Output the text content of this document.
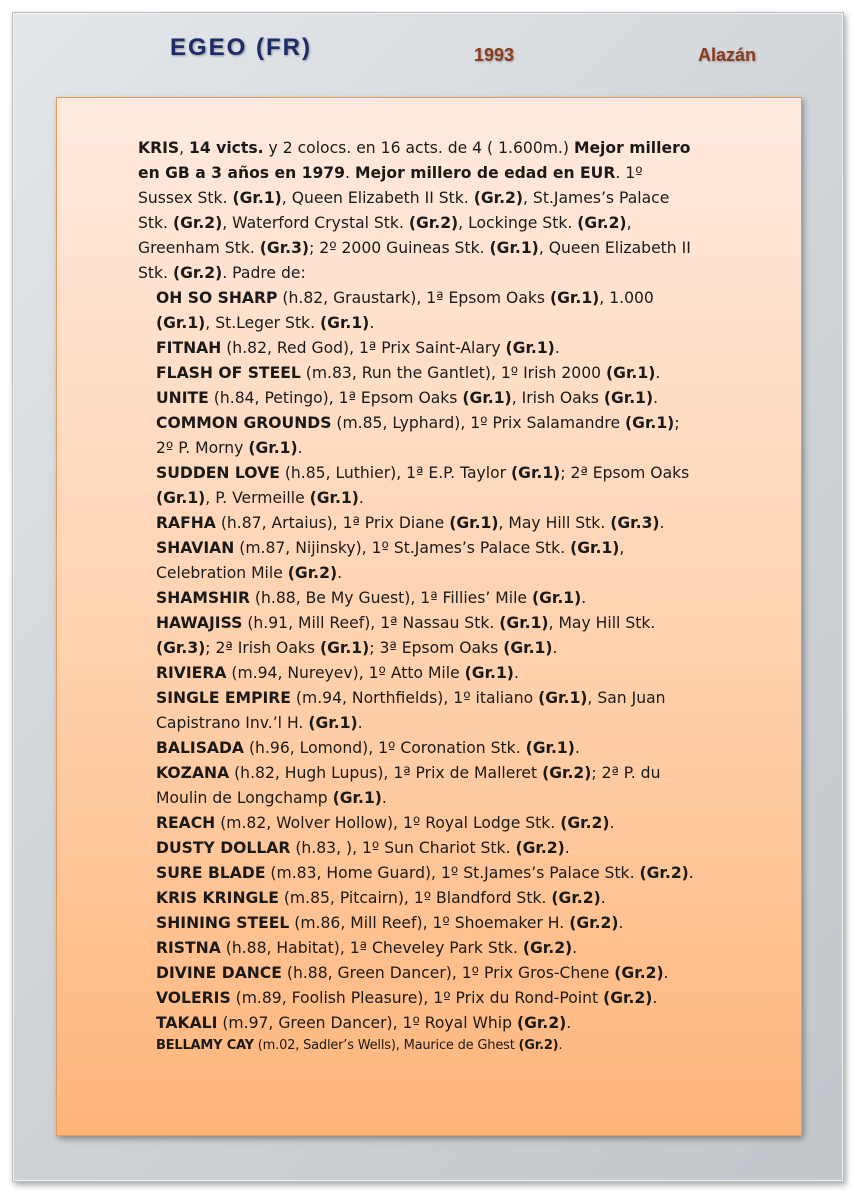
EGEO (FR)	1993	Alazán

KRIS, 14 victs. y 2 colocs. en 16 acts. de 4 ( 1.600m.) Mejor millero en GB a 3 años en 1979. Mejor millero de edad en EUR. 1º Sussex Stk. (Gr.1), Queen Elizabeth II Stk. (Gr.2), St.James’s Palace Stk. (Gr.2), Waterford Crystal Stk. (Gr.2), Lockinge Stk. (Gr.2), Greenham Stk. (Gr.3); 2º 2000 Guineas Stk. (Gr.1), Queen Elizabeth II Stk. (Gr.2). Padre de:

OH SO SHARP (h.82, Graustark), 1ª Epsom Oaks (Gr.1), 1.000 (Gr.1), St.Leger Stk. (Gr.1).

FITNAH (h.82, Red God), 1ª Prix Saint-Alary (Gr.1).

FLASH OF STEEL (m.83, Run the Gantlet), 1º Irish 2000 (Gr.1).

UNITE (h.84, Petingo), 1ª Epsom Oaks (Gr.1), Irish Oaks (Gr.1).

COMMON GROUNDS (m.85, Lyphard), 1º Prix Salamandre (Gr.1); 2º P. Morny (Gr.1).

SUDDEN LOVE (h.85, Luthier), 1ª E.P. Taylor (Gr.1); 2ª Epsom Oaks (Gr.1), P. Vermeille (Gr.1).

RAFHA (h.87, Artaius), 1ª Prix Diane (Gr.1), May Hill Stk. (Gr.3).

SHAVIAN (m.87, Nijinsky), 1º St.James’s Palace Stk. (Gr.1), Celebration Mile (Gr.2).

SHAMSHIR (h.88, Be My Guest), 1ª Fillies’ Mile (Gr.1).

HAWAJISS (h.91, Mill Reef), 1ª Nassau Stk. (Gr.1), May Hill Stk. (Gr.3); 2ª Irish Oaks (Gr.1); 3ª Epsom Oaks (Gr.1).

RIVIERA (m.94, Nureyev), 1º Atto Mile (Gr.1).

SINGLE EMPIRE (m.94, Northfields), 1º italiano (Gr.1), San Juan Capistrano Inv.’l H. (Gr.1).

BALISADA (h.96, Lomond), 1º Coronation Stk. (Gr.1).

KOZANA (h.82, Hugh Lupus), 1ª Prix de Malleret (Gr.2); 2ª P. du Moulin de Longchamp (Gr.1).

REACH (m.82, Wolver Hollow), 1º Royal Lodge Stk. (Gr.2).

DUSTY DOLLAR (h.83, ), 1º Sun Chariot Stk. (Gr.2).

SURE BLADE (m.83, Home Guard), 1º St.James’s Palace Stk. (Gr.2).

KRIS KRINGLE (m.85, Pitcairn), 1º Blandford Stk. (Gr.2).

SHINING STEEL (m.86, Mill Reef), 1º Shoemaker H. (Gr.2).

RISTNA (h.88, Habitat), 1ª Cheveley Park Stk. (Gr.2).

DIVINE DANCE (h.88, Green Dancer), 1º Prix Gros-Chene (Gr.2).

VOLERIS (m.89, Foolish Pleasure), 1º Prix du Rond-Point (Gr.2).

TAKALI (m.97, Green Dancer), 1º Royal Whip (Gr.2).

BELLAMY CAY (m.02, Sadler’s Wells), Maurice de Ghest (Gr.2).
